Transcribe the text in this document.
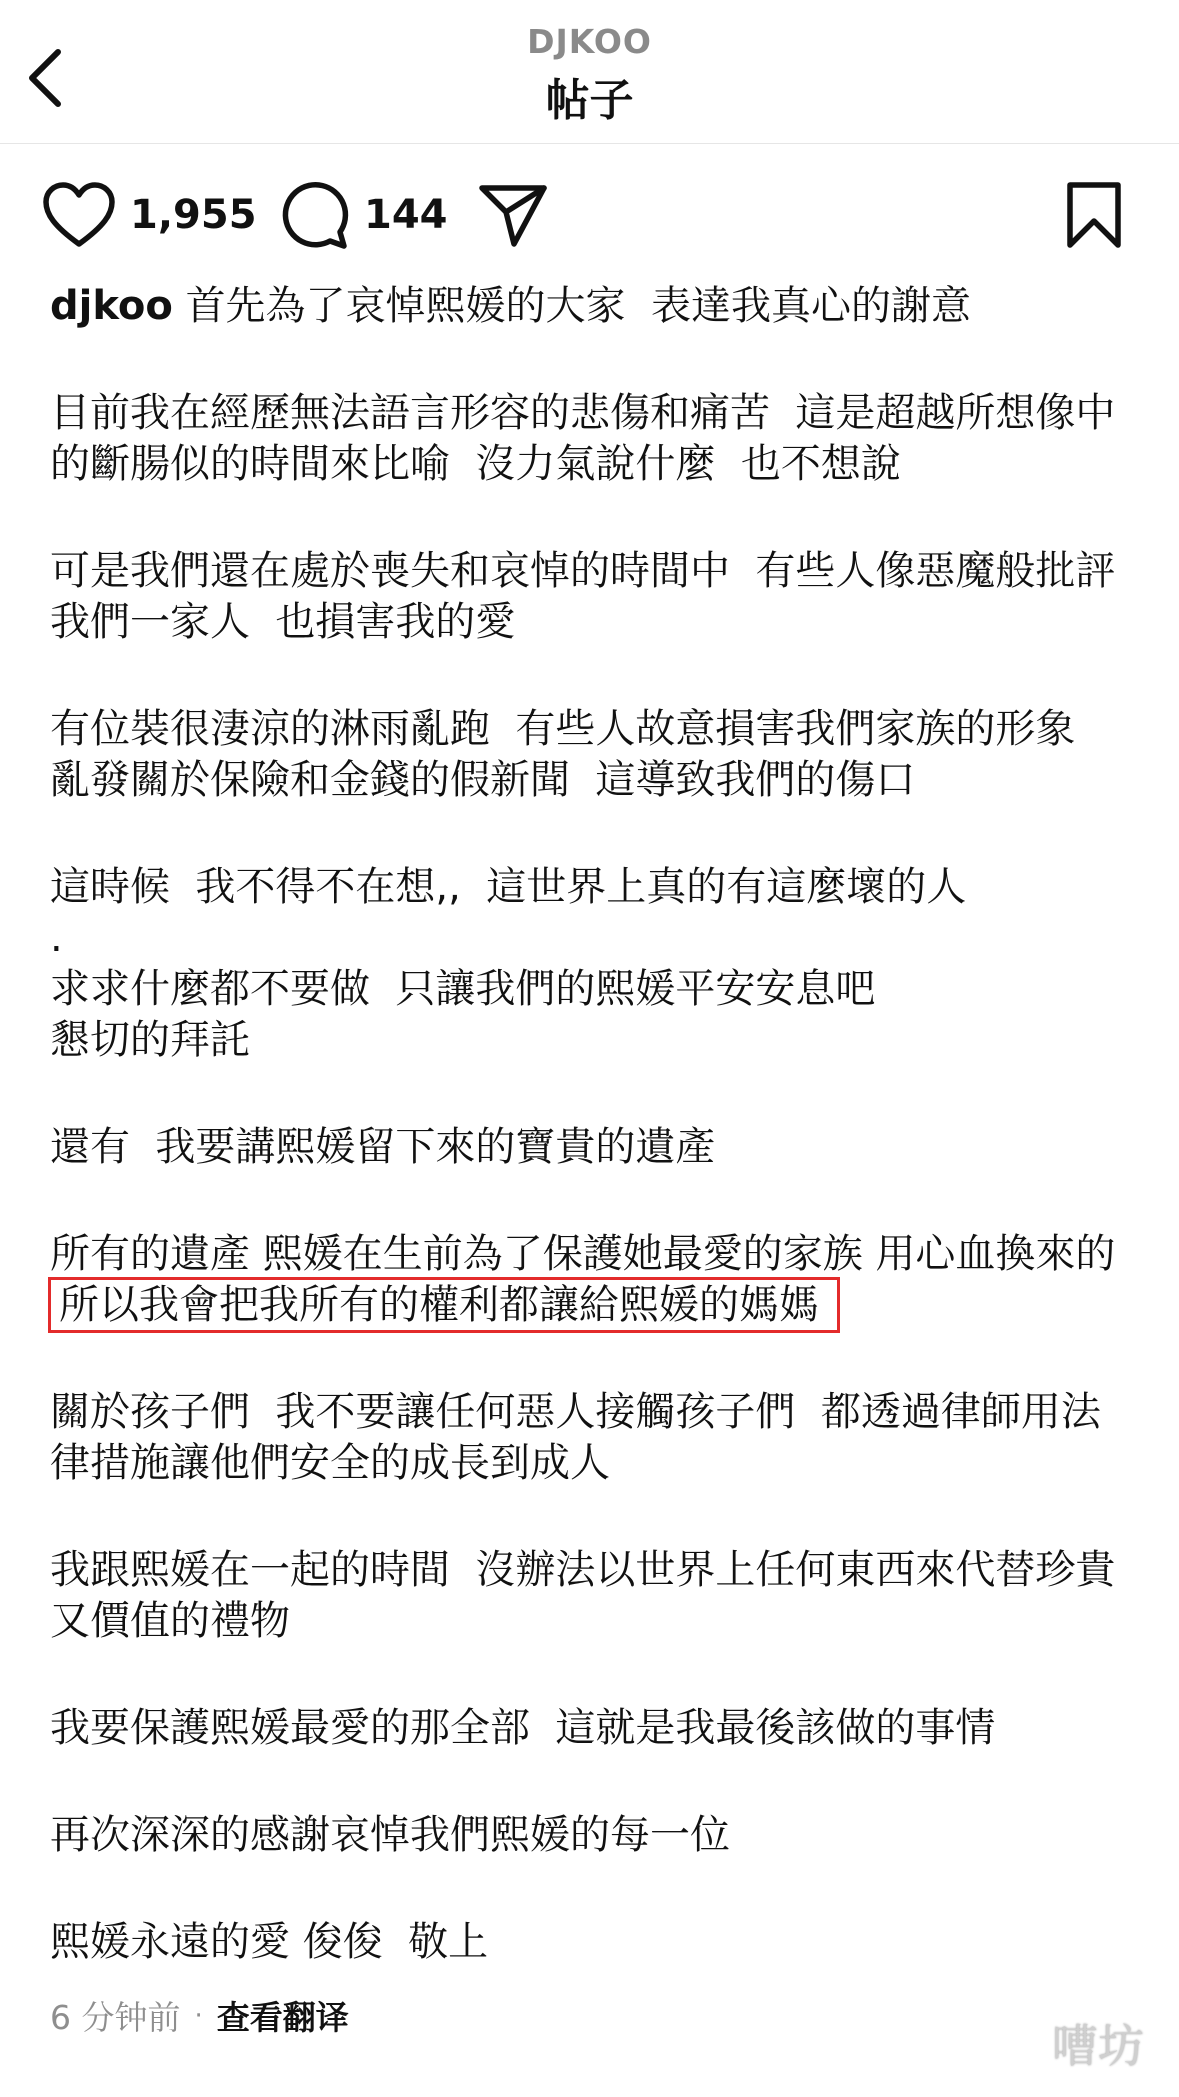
DJKOO
帖子
1,955	144

djkoo 首先為了哀悼熙媛的大家  表達我真心的謝意

目前我在經歷無法語言形容的悲傷和痛苦  這是超越所想像中的斷腸似的時間來比喻  沒力氣說什麼  也不想說

可是我們還在處於喪失和哀悼的時間中  有些人像惡魔般批評我們一家人  也損害我的愛

有位裝很淒涼的淋雨亂跑  有些人故意損害我們家族的形象  亂發關於保險和金錢的假新聞  這導致我們的傷口

這時候  我不得不在想,,  這世界上真的有這麼壞的人
.
求求什麼都不要做  只讓我們的熙媛平安安息吧
懇切的拜託

還有  我要講熙媛留下來的寶貴的遺產

所有的遺產 熙媛在生前為了保護她最愛的家族 用心血換來的 所以我會把我所有的權利都讓給熙媛的媽媽

關於孩子們  我不要讓任何惡人接觸孩子們  都透過律師用法律措施讓他們安全的成長到成人

我跟熙媛在一起的時間  沒辦法以世界上任何東西來代替珍貴又價值的禮物

我要保護熙媛最愛的那全部  這就是我最後該做的事情

再次深深的感謝哀悼我們熙媛的每一位

熙媛永遠的愛 俊俊  敬上

6 分钟前 · 查看翻译
嘈坊
